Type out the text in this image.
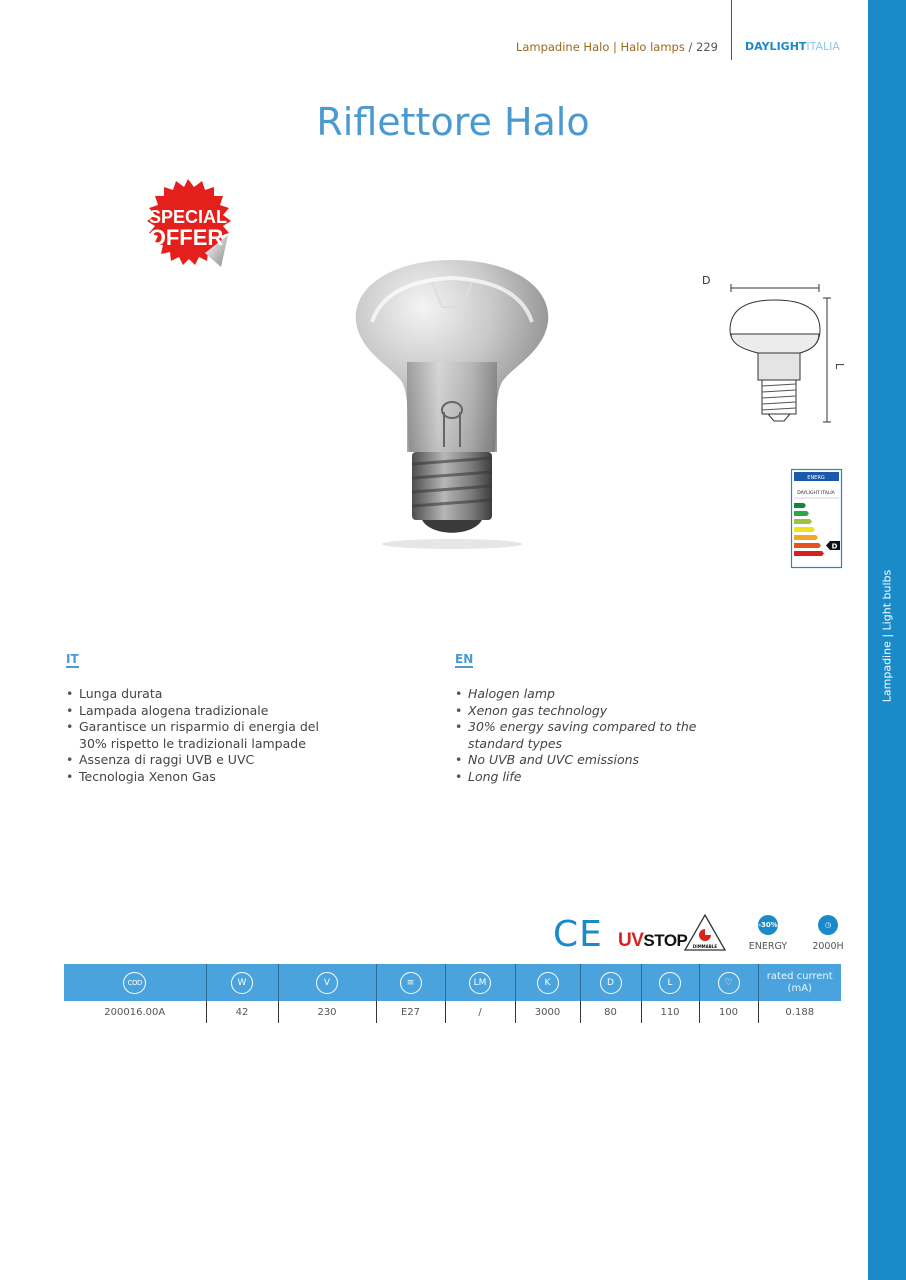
Lampadine | Light bulbs
Lampadine Halo | Halo lamps / 229 DAYLIGHTITALIA
Riflettore Halo
SPECIAL
OFFER
D
L
ENERG
DAYLIGHT ITALIA
D
IT
• Lunga durata
• Lampada alogena tradizionale
• Garantisce un risparmio di energia del 30% rispetto le tradizionali lampade
• Assenza di raggi UVB e UVC
• Tecnologia Xenon Gas
EN
• Halogen lamp
• Xenon gas technology
• 30% energy saving compared to the standard types
• No UVB and UVC emissions
• Long life
CE UVSTOP DIMMABLE
-30%
ENERGY
◷
2000H
COD	W	V	≡	LM	K	D	L	♡	rated current (mA)

200016.00A	42	230	E27	/	3000	80	110	100	0.188
